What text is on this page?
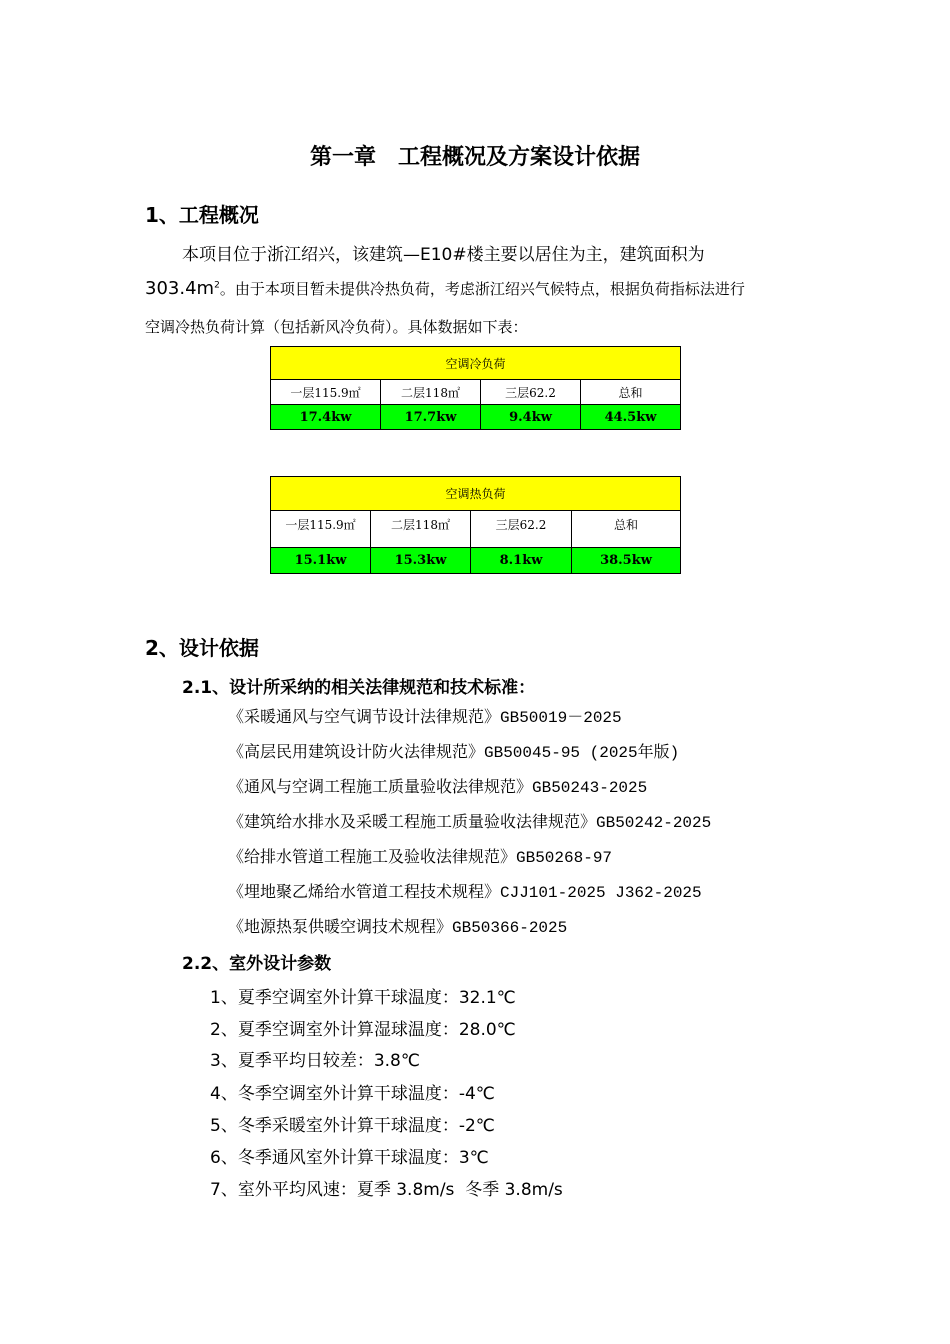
第一章　工程概况及方案设计依据
1、工程概况
本项目位于浙江绍兴，该建筑—E10#楼主要以居住为主，建筑面积为
$303.4m^2$。由于本项目暂未提供冷热负荷，考虑浙江绍兴气候特点，根据负荷指标法进行
空调冷热负荷计算（包括新风冷负荷）。具体数据如下表：
空调冷负荷			
一层115.9㎡	二层118㎡	三层62.2	总和
17.4kw	17.7kw	9.4kw	44.5kw
空调热负荷			
一层115.9㎡	二层118㎡	三层62.2	总和
15.1kw	15.3kw	8.1kw	38.5kw
2、设计依据
2.1、设计所采纳的相关法律规范和技术标准：
《采暖通风与空气调节设计法律规范》GB50019－2025
《高层民用建筑设计防火法律规范》GB50045-95 (2025年版)
《通风与空调工程施工质量验收法律规范》GB50243-2025
《建筑给水排水及采暖工程施工质量验收法律规范》GB50242-2025
《给排水管道工程施工及验收法律规范》GB50268-97
《埋地聚乙烯给水管道工程技术规程》CJJ101-2025 J362-2025
《地源热泵供暖空调技术规程》GB50366-2025
2.2、室外设计参数
1、夏季空调室外计算干球温度：32.1℃
2、夏季空调室外计算湿球温度：28.0℃
3、夏季平均日较差：3.8℃
4、冬季空调室外计算干球温度：-4℃
5、冬季采暖室外计算干球温度：-2℃
6、冬季通风室外计算干球温度：3℃
7、室外平均风速：夏季 3.8m/s  冬季 3.8m/s
